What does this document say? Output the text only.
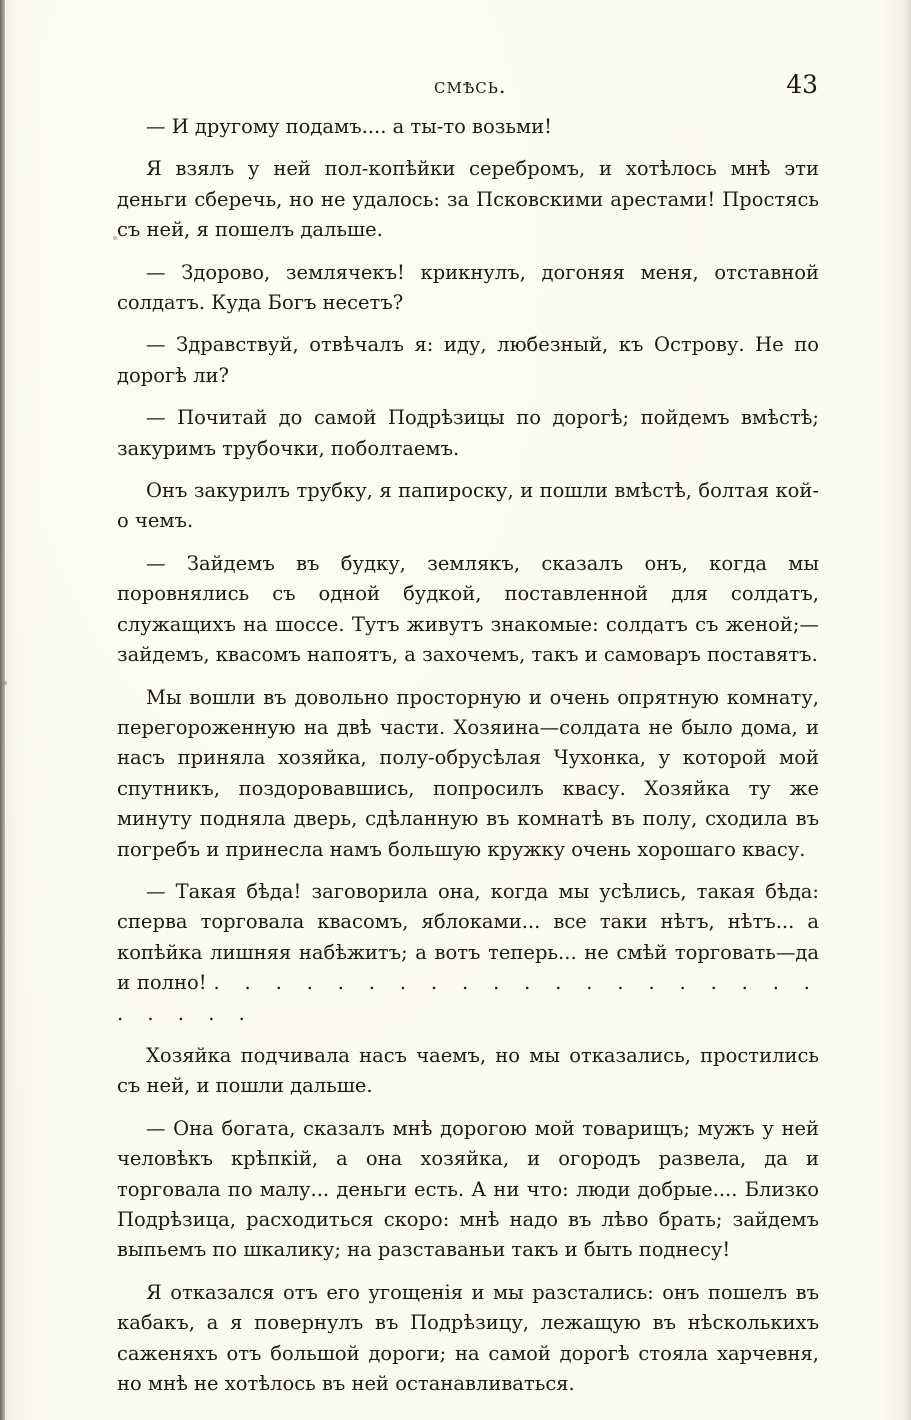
смѣсь.	43

— И другому подамъ.... а ты-то возьми!

Я взялъ у ней пол-копѣйки серебромъ, и хотѣлось мнѣ эти деньги сберечь, но не удалось: за Псковскими арестами! Простясь съ ней, я пошелъ дальше.

— Здорово, землячекъ! крикнулъ, догоняя меня, отставной солдатъ. Куда Богъ несетъ?

— Здравствуй, отвѣчалъ я: иду, любезный, къ Острову. Не по дорогѣ ли?

— Почитай до самой Подрѣзицы по дорогѣ; пойдемъ вмѣстѣ; закуримъ трубочки, поболтаемъ.

Онъ закурилъ трубку, я папироску, и пошли вмѣстѣ, болтая кой-о чемъ.

— Зайдемъ въ будку, землякъ, сказалъ онъ, когда мы поровнялись съ одной будкой, поставленной для солдатъ, служащихъ на шоссе. Тутъ живутъ знакомые: солдатъ съ женой;—зайдемъ, квасомъ напоятъ, а захочемъ, такъ и самоваръ поставятъ.

Мы вошли въ довольно просторную и очень опрятную комнату, перегороженную на двѣ части. Хозяина—солдата не было дома, и насъ приняла хозяйка, полу-обрусѣлая Чухонка, у которой мой спутникъ, поздоровавшись, попросилъ квасу. Хозяйка ту же минуту подняла дверь, сдѣланную въ комнатѣ въ полу, сходила въ погребъ и принесла намъ большую кружку очень хорошаго квасу.

— Такая бѣда! заговорила она, когда мы усѣлись, такая бѣда: сперва торговала квасомъ, яблоками... все таки нѣтъ, нѣтъ... а копѣйка лишняя набѣжитъ; а вотъ теперь... не смѣй торговать—да и полно! . . . . . . . . . . . . . . . . . . . . . . . . .

Хозяйка подчивала насъ чаемъ, но мы отказались, простились съ ней, и пошли дальше.

— Она богата, сказалъ мнѣ дорогою мой товарищъ; мужъ у ней человѣкъ крѣпкій, а она хозяйка, и огородъ развела, да и торговала по малу... деньги есть. А ни что: люди добрые.... Близко Подрѣзица, расходиться скоро: мнѣ надо въ лѣво брать; зайдемъ выпьемъ по шкалику; на разставаньи такъ и быть поднесу!

Я отказался отъ его угощенія и мы разстались: онъ пошелъ въ кабакъ, а я повернулъ въ Подрѣзицу, лежащую въ нѣсколькихъ саженяхъ отъ большой дороги; на самой дорогѣ стояла харчевня, но мнѣ не хотѣлось въ ней останавливаться.
